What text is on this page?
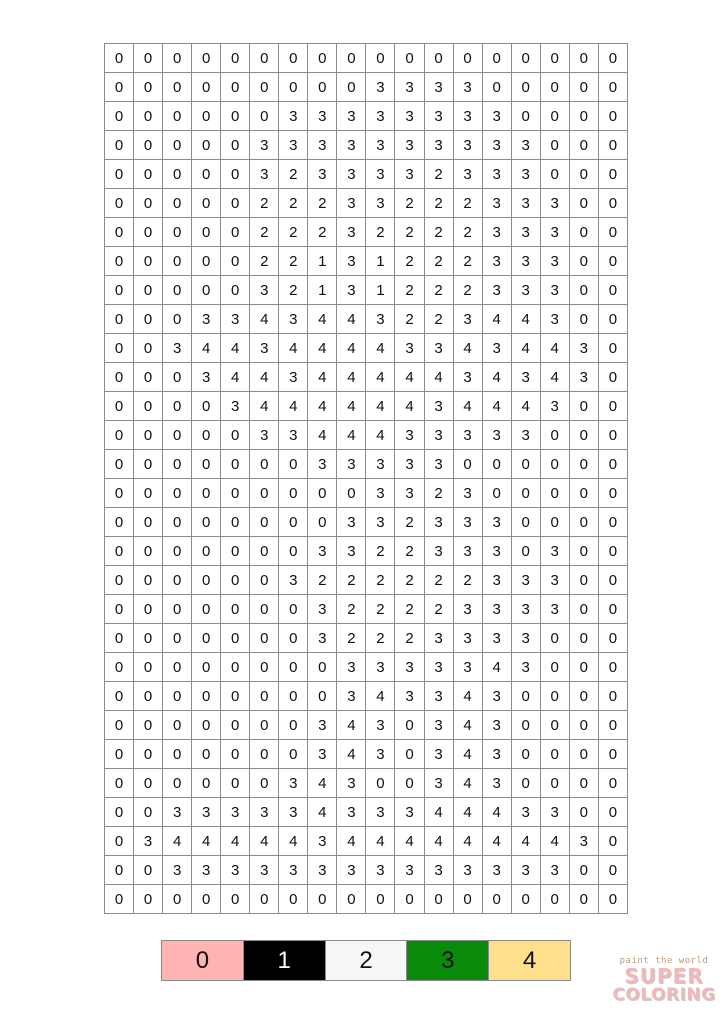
0	0	0	0	0	0	0	0	0	0	0	0	0	0	0	0	0	0
0	0	0	0	0	0	0	0	0	3	3	3	3	0	0	0	0	0
0	0	0	0	0	0	3	3	3	3	3	3	3	3	0	0	0	0
0	0	0	0	0	3	3	3	3	3	3	3	3	3	3	0	0	0
0	0	0	0	0	3	2	3	3	3	3	2	3	3	3	0	0	0
0	0	0	0	0	2	2	2	3	3	2	2	2	3	3	3	0	0
0	0	0	0	0	2	2	2	3	2	2	2	2	3	3	3	0	0
0	0	0	0	0	2	2	1	3	1	2	2	2	3	3	3	0	0
0	0	0	0	0	3	2	1	3	1	2	2	2	3	3	3	0	0
0	0	0	3	3	4	3	4	4	3	2	2	3	4	4	3	0	0
0	0	3	4	4	3	4	4	4	4	3	3	4	3	4	4	3	0
0	0	0	3	4	4	3	4	4	4	4	4	3	4	3	4	3	0
0	0	0	0	3	4	4	4	4	4	4	3	4	4	4	3	0	0
0	0	0	0	0	3	3	4	4	4	3	3	3	3	3	0	0	0
0	0	0	0	0	0	0	3	3	3	3	3	0	0	0	0	0	0
0	0	0	0	0	0	0	0	0	3	3	2	3	0	0	0	0	0
0	0	0	0	0	0	0	0	3	3	2	3	3	3	0	0	0	0
0	0	0	0	0	0	0	3	3	2	2	3	3	3	0	3	0	0
0	0	0	0	0	0	3	2	2	2	2	2	2	3	3	3	0	0
0	0	0	0	0	0	0	3	2	2	2	2	3	3	3	3	0	0
0	0	0	0	0	0	0	3	2	2	2	3	3	3	3	0	0	0
0	0	0	0	0	0	0	0	3	3	3	3	3	4	3	0	0	0
0	0	0	0	0	0	0	0	3	4	3	3	4	3	0	0	0	0
0	0	0	0	0	0	0	3	4	3	0	3	4	3	0	0	0	0
0	0	0	0	0	0	0	3	4	3	0	3	4	3	0	0	0	0
0	0	0	0	0	0	3	4	3	0	0	3	4	3	0	0	0	0
0	0	3	3	3	3	3	4	3	3	3	4	4	4	3	3	0	0
0	3	4	4	4	4	4	3	4	4	4	4	4	4	4	4	3	0
0	0	3	3	3	3	3	3	3	3	3	3	3	3	3	3	0	0
0	0	0	0	0	0	0	0	0	0	0	0	0	0	0	0	0	0
0	1	2	3	4	paint the world
SUPER
COLORING
